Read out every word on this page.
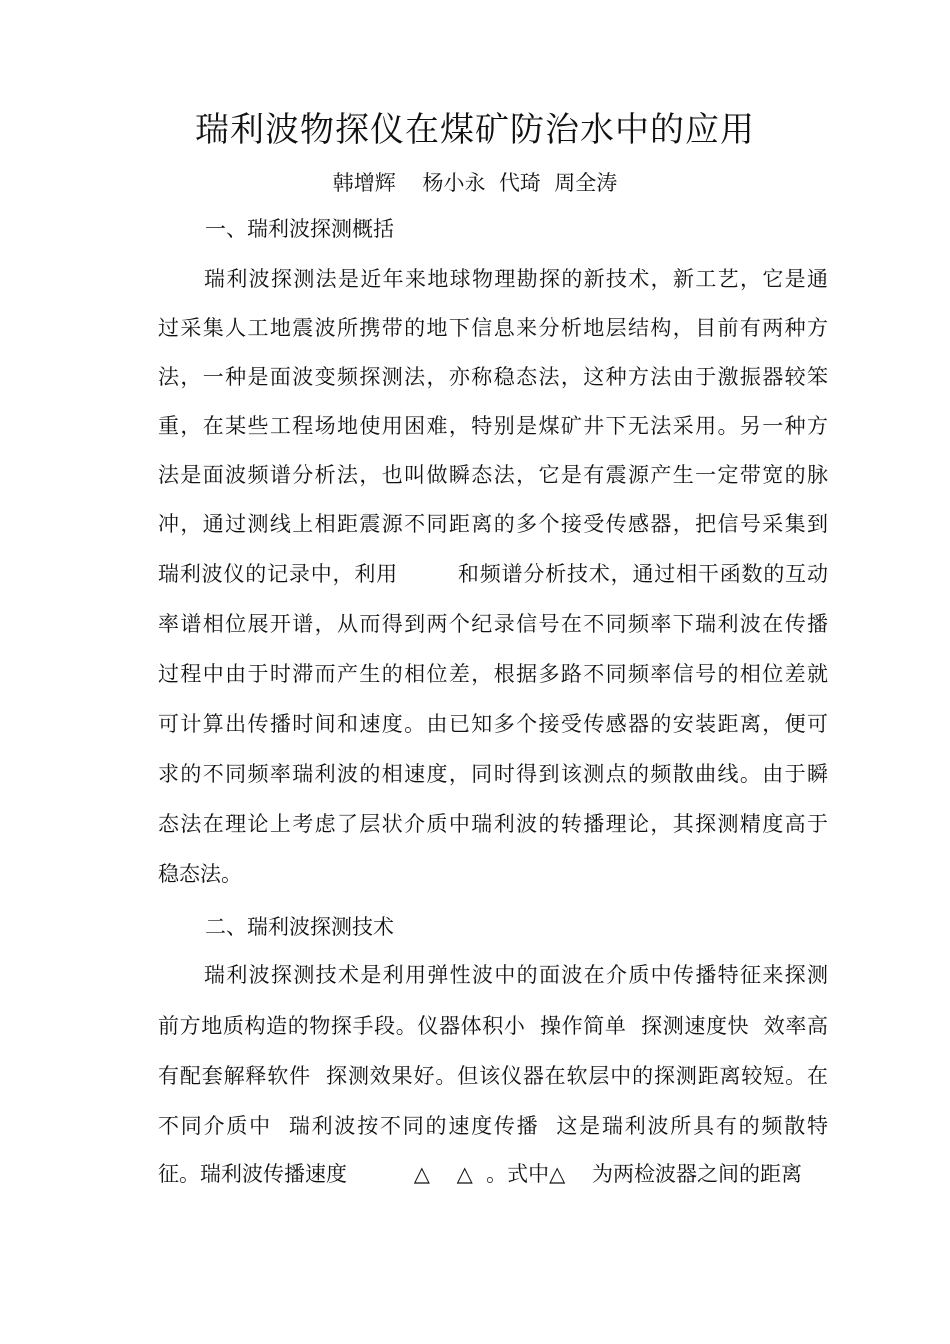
瑞利波物探仪在煤矿防治水中的应用
韩增辉    杨小永  代琦  周全涛
一、瑞利波探测概括
瑞利波探测法是近年来地球物理勘探的新技术，新工艺，它是通
过采集人工地震波所携带的地下信息来分析地层结构，目前有两种方
法，一种是面波变频探测法，亦称稳态法，这种方法由于激振器较笨
重，在某些工程场地使用困难，特别是煤矿井下无法采用。另一种方
法是面波频谱分析法，也叫做瞬态法，它是有震源产生一定带宽的脉
冲，通过测线上相距震源不同距离的多个接受传感器，把信号采集到
瑞利波仪的记录中，利用        和频谱分析技术，通过相干函数的互动
率谱相位展开谱，从而得到两个纪录信号在不同频率下瑞利波在传播
过程中由于时滞而产生的相位差，根据多路不同频率信号的相位差就
可计算出传播时间和速度。由已知多个接受传感器的安装距离，便可
求的不同频率瑞利波的相速度，同时得到该测点的频散曲线。由于瞬
态法在理论上考虑了层状介质中瑞利波的转播理论，其探测精度高于
稳态法。
二、瑞利波探测技术
瑞利波探测技术是利用弹性波中的面波在介质中传播特征来探测
前方地质构造的物探手段。仪器体积小  操作简单  探测速度快  效率高
有配套解释软件  探测效果好。但该仪器在软层中的探测距离较短。在
不同介质中  瑞利波按不同的速度传播  这是瑞利波所具有的频散特
征。瑞利波传播速度          △    △  。式中△    为两检波器之间的距离
